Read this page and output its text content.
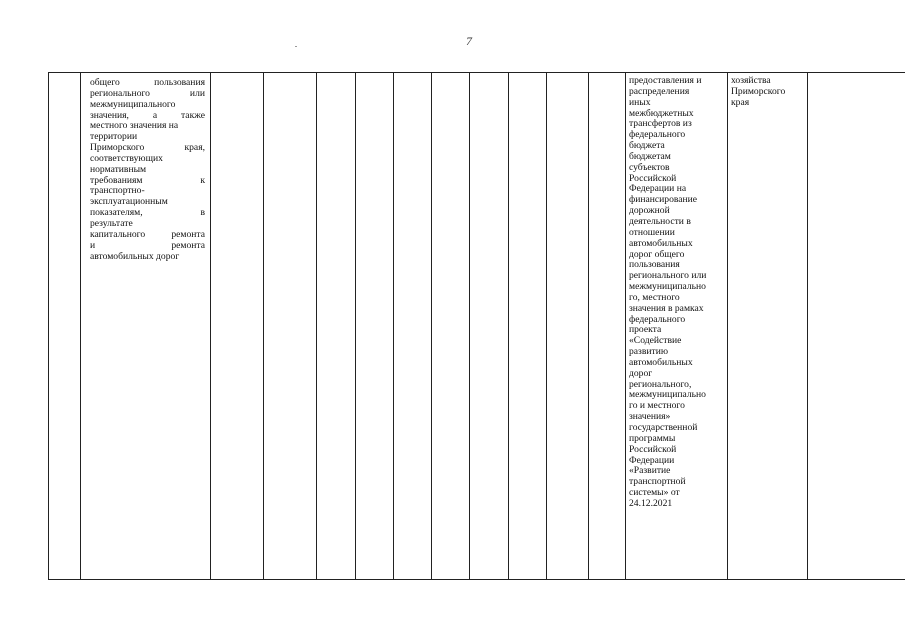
7
общего пользования
регионального или
межмуниципального
значения, а также
местного значения на
территории
Приморского края,
соответствующих
нормативным
требованиям к
транспортно-
эксплуатационным
показателям, в
результате
капитального ремонта
и ремонта
автомобильных дорог
предоставления и
распределения
иных
межбюджетных
трансфертов из
федерального
бюджета
бюджетам
субъектов
Российской
Федерации на
финансирование
дорожной
деятельности в
отношении
автомобильных
дорог общего
пользования
регионального или
межмуниципально
го, местного
значения в рамках
федерального
проекта
«Содействие
развитию
автомобильных
дорог
регионального,
межмуниципально
го и местного
значения»
государственной
программы
Российской
Федерации
«Развитие
транспортной
системы» от
24.12.2021
хозяйства
Приморского
края
